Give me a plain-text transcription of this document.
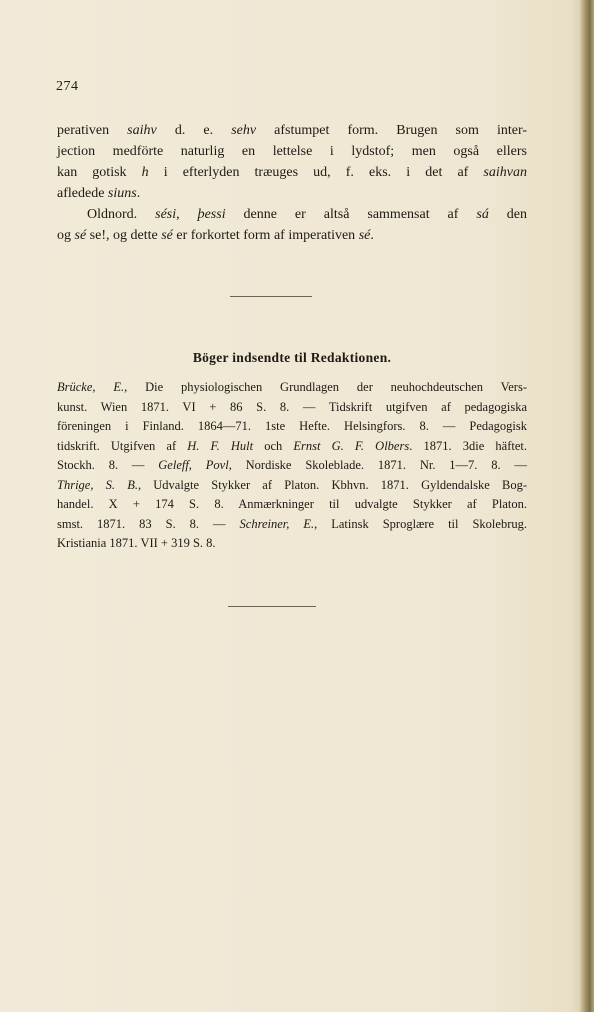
274
perativen saihv d. e. sehv afstumpet form. Brugen som inter-
jection medförte naturlig en lettelse i lydstof; men også ellers
kan gotisk h i efterlyden træuges ud, f. eks. i det af saihvan
afledede siuns.
Oldnord. sési, þessi denne er altså sammensat af sá den
og sé se!, og dette sé er forkortet form af imperativen sé.
Böger indsendte til Redaktionen.
Brücke, E., Die physiologischen Grundlagen der neuhochdeutschen Vers-
kunst. Wien 1871. VI + 86 S. 8. — Tidskrift utgifven af pedagogiska
föreningen i Finland. 1864—71. 1ste Hefte. Helsingfors. 8. — Pedagogisk
tidskrift. Utgifven af H. F. Hult och Ernst G. F. Olbers. 1871. 3die häftet.
Stockh. 8. — Geleff, Povl, Nordiske Skoleblade. 1871. Nr. 1—7. 8. —
Thrige, S. B., Udvalgte Stykker af Platon. Kbhvn. 1871. Gyldendalske Bog-
handel. X + 174 S. 8. Anmærkninger til udvalgte Stykker af Platon.
smst. 1871. 83 S. 8. — Schreiner, E., Latinsk Sproglære til Skolebrug.
Kristiania 1871. VII + 319 S. 8.
